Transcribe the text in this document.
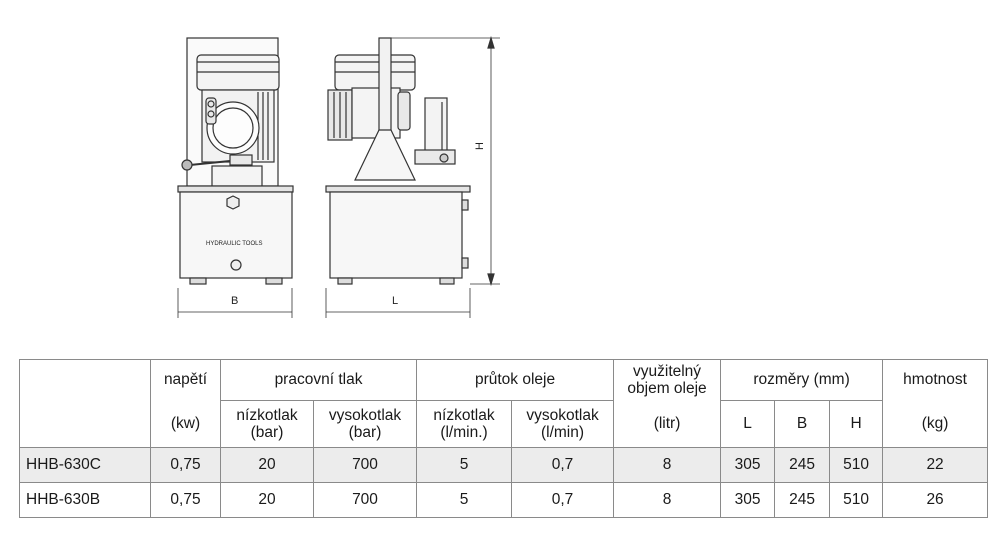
HYDRAULIC TOOLS
B	L
H
	napětí	pracovní tlak		průtok oleje		využitelný objem oleje	rozměry (mm)			hmotnost
	(kw)	nízkotlak (bar)	vysokotlak (bar)	nízkotlak (l/min.)	vysokotlak (l/min)	(litr)	L	B	H	(kg)
HHB-630C	0,75	20	700	5	0,7	8	305	245	510	22
HHB-630B	0,75	20	700	5	0,7	8	305	245	510	26
